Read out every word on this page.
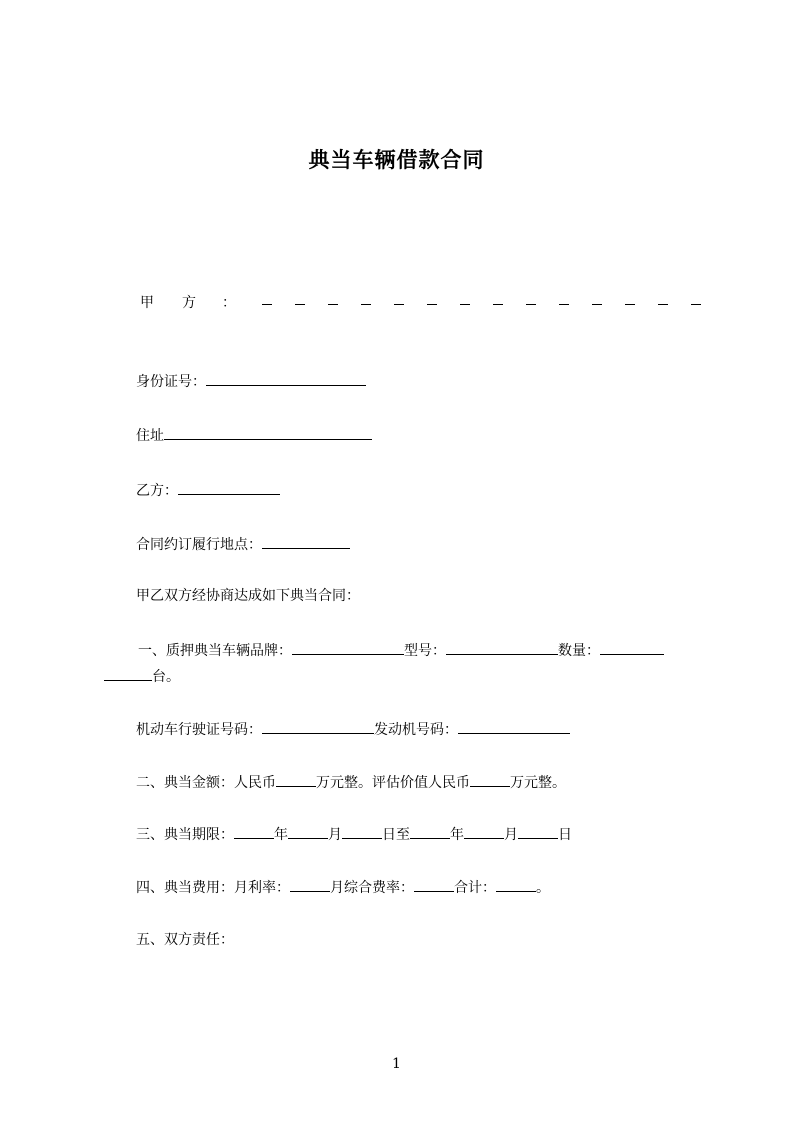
典当车辆借款合同
甲 方 ：
身份证号：
住址
乙方：
合同约订履行地点：
甲乙双方经协商达成如下典当合同：
一、质押典当车辆品牌：	型号：	数量：
台。
机动车行驶证号码：	发动机号码：
二、典当金额：人民币	万元整。评估价值人民币	万元整。
三、典当期限：	年	月	日至	年	月	日
四、典当费用：月利率：	月综合费率：	合计：	。
五、双方责任：
1
